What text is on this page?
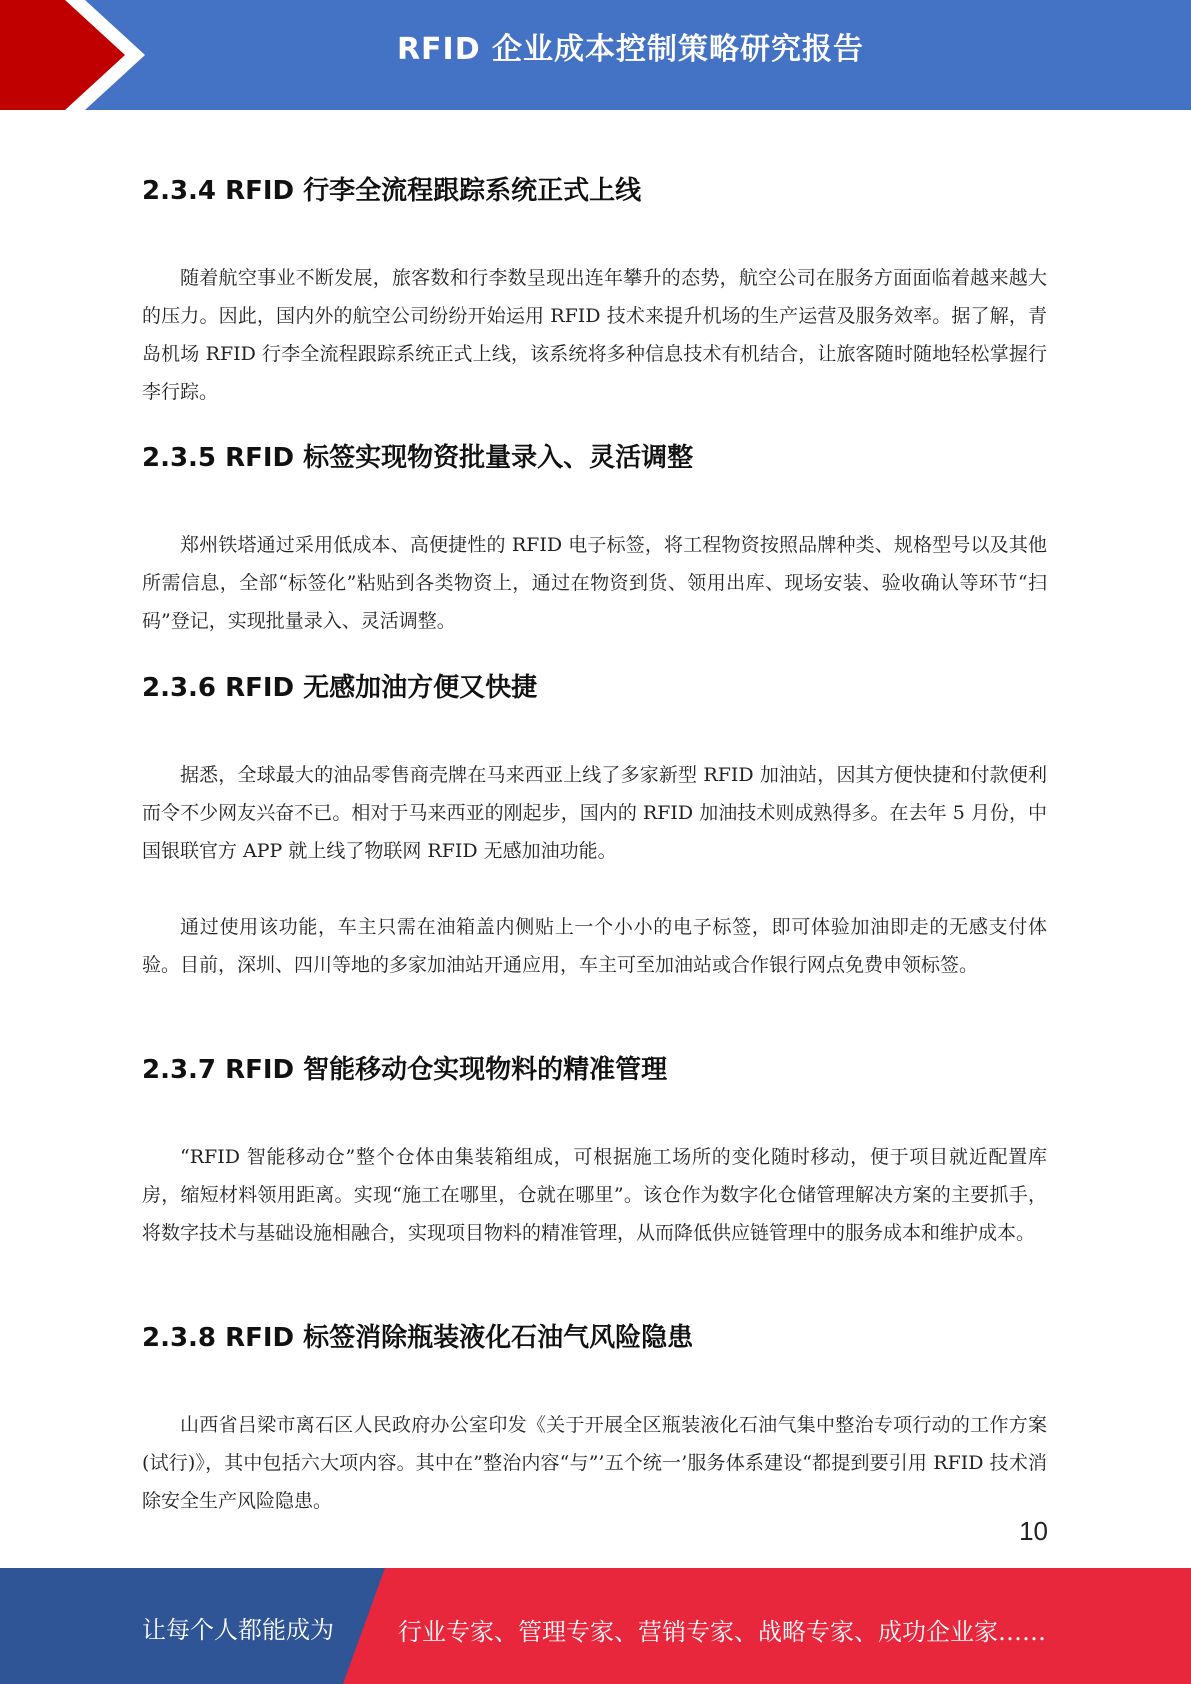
RFID 企业成本控制策略研究报告
2.3.4 RFID 行李全流程跟踪系统正式上线

随着航空事业不断发展，旅客数和行李数呈现出连年攀升的态势，航空公司在服务方面面临着越来越大的压力。因此，国内外的航空公司纷纷开始运用 RFID 技术来提升机场的生产运营及服务效率。据了解，青岛机场 RFID 行李全流程跟踪系统正式上线，该系统将多种信息技术有机结合，让旅客随时随地轻松掌握行李行踪。

2.3.5 RFID 标签实现物资批量录入、灵活调整

郑州铁塔通过采用低成本、高便捷性的 RFID 电子标签，将工程物资按照品牌种类、规格型号以及其他所需信息，全部“标签化”粘贴到各类物资上，通过在物资到货、领用出库、现场安装、验收确认等环节“扫码”登记，实现批量录入、灵活调整。

2.3.6 RFID 无感加油方便又快捷

据悉，全球最大的油品零售商壳牌在马来西亚上线了多家新型 RFID 加油站，因其方便快捷和付款便利而令不少网友兴奋不已。相对于马来西亚的刚起步，国内的 RFID 加油技术则成熟得多。在去年 5 月份，中国银联官方 APP 就上线了物联网 RFID 无感加油功能。

通过使用该功能，车主只需在油箱盖内侧贴上一个小小的电子标签，即可体验加油即走的无感支付体验。目前，深圳、四川等地的多家加油站开通应用，车主可至加油站或合作银行网点免费申领标签。

2.3.7 RFID 智能移动仓实现物料的精准管理

“RFID 智能移动仓”整个仓体由集装箱组成，可根据施工场所的变化随时移动，便于项目就近配置库房，缩短材料领用距离。实现“施工在哪里，仓就在哪里”。该仓作为数字化仓储管理解决方案的主要抓手，将数字技术与基础设施相融合，实现项目物料的精准管理，从而降低供应链管理中的服务成本和维护成本。

2.3.8 RFID 标签消除瓶装液化石油气风险隐患

山西省吕梁市离石区人民政府办公室印发《关于开展全区瓶装液化石油气集中整治专项行动的工作方案(试行)》，其中包括六大项内容。其中在”整治内容“与”’五个统一’服务体系建设“都提到要引用 RFID 技术消除安全生产风险隐患。

10
让每个人都能成为	行业专家、管理专家、营销专家、战略专家、成功企业家……
